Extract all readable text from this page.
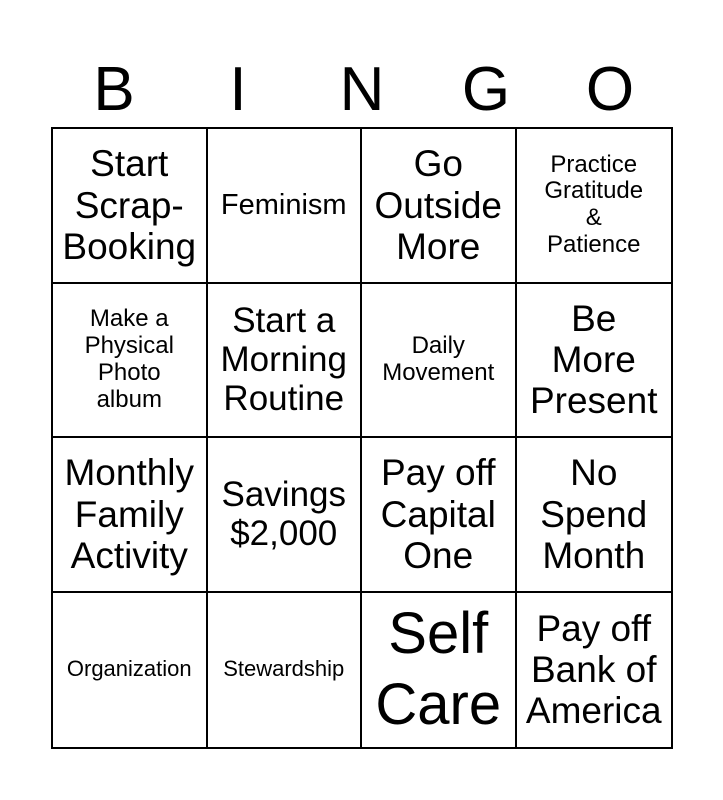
B	I	N	G	O
Start
Scrap-
Booking
Feminism
Go
Outside
More
Practice
Gratitude
&
Patience
Make a
Physical
Photo
album
Start a
Morning
Routine
Daily
Movement
Be
More
Present
Monthly
Family
Activity
Savings
$2,000
Pay off
Capital
One
No
Spend
Month
Organization Stewardship
Self
Care
Pay off
Bank of
America
